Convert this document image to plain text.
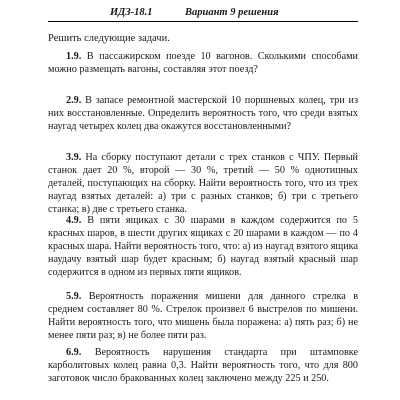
ИДЗ-18.1	Вариант 9 решения
Решить следующие задачи.

1.9. В пассажирском поезде 10 вагонов. Сколькими способами можно размещать вагоны, составляя этот поезд?

2.9. В запасе ремонтной мастерской 10 поршневых колец, три из них восстановленные. Определить вероятность того, что среди взятых наугад четырех колец два окажутся восстановленными?

3.9. На сборку поступают детали с трех станков с ЧПУ. Первый станок дает 20 %, второй — 30 %, третий — 50 % однотипных деталей, поступающих на сборку. Найти вероятность того, что из трех наугад взятых деталей: а) три с разных станков; б) три с третьего станка; в) две с третьего станка.

4.9. В пяти ящиках с 30 шарами в каждом содержится по 5 красных шаров, в шести других ящиках с 20 шарами в каждом — по 4 красных шара. Найти вероятность того, что: а) из наугад взятого ящика наудачу взятый шар будет красным; б) наугад взятый красный шар содержится в одном из первых пяти ящиков.

5.9. Вероятность поражения мишени для данного стрелка в среднем составляет 80 %. Стрелок произвел 6 выстрелов по мишени. Найти вероятность того, что мишень была поражена: а) пять раз; б) не менее пяти раз; в) не более пяти раз.

6.9. Вероятность нарушения стандарта при штамповке карболитовых колец равна 0,3. Найти вероятность того, что для 800 заготовок число бракованных колец заключено между 225 и 250.
